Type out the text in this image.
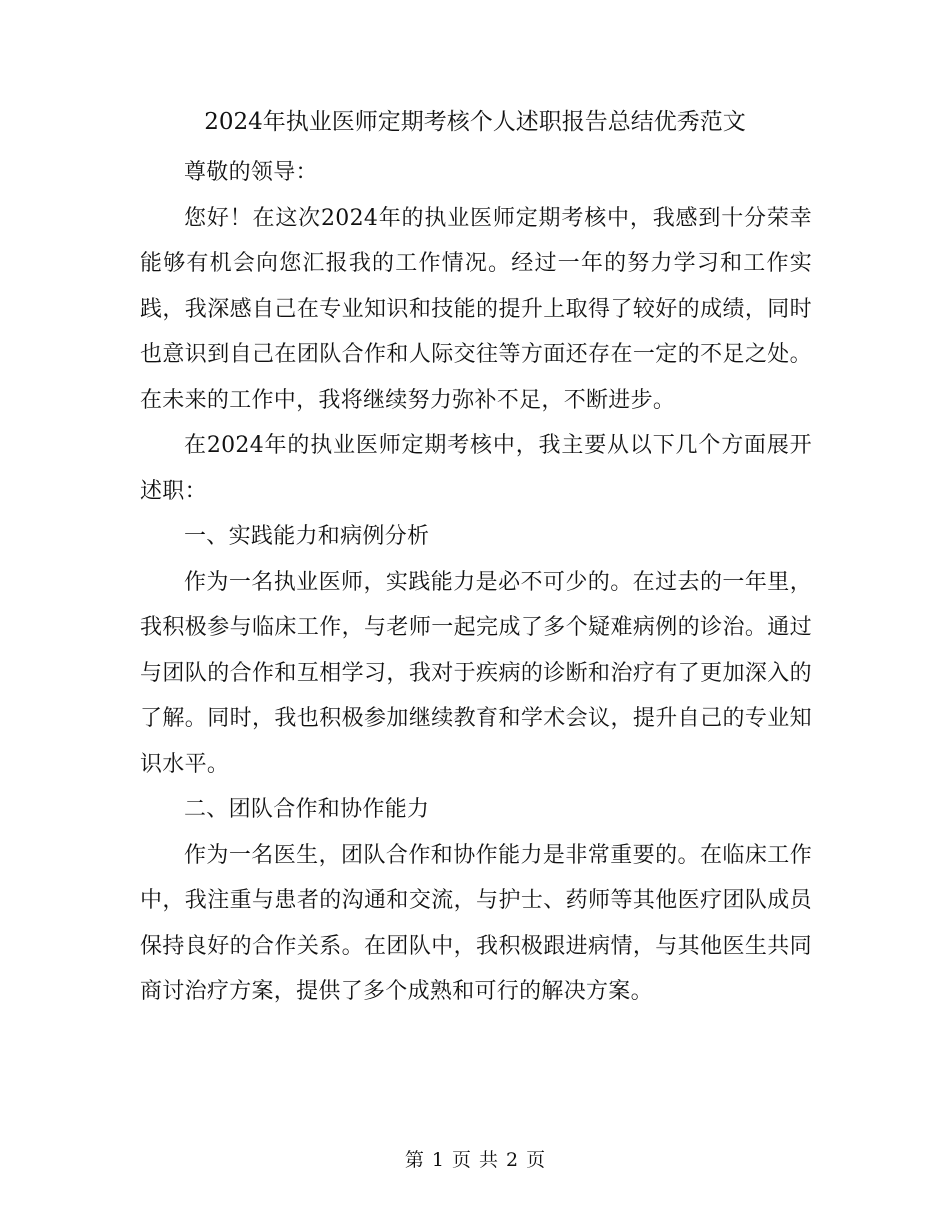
2024年执业医师定期考核个人述职报告总结优秀范文

尊敬的领导：

您好！在这次2024年的执业医师定期考核中，我感到十分荣幸能够有机会向您汇报我的工作情况。经过一年的努力学习和工作实践，我深感自己在专业知识和技能的提升上取得了较好的成绩，同时也意识到自己在团队合作和人际交往等方面还存在一定的不足之处。在未来的工作中，我将继续努力弥补不足，不断进步。

在2024年的执业医师定期考核中，我主要从以下几个方面展开述职：

一、实践能力和病例分析

作为一名执业医师，实践能力是必不可少的。在过去的一年里，我积极参与临床工作，与老师一起完成了多个疑难病例的诊治。通过与团队的合作和互相学习，我对于疾病的诊断和治疗有了更加深入的了解。同时，我也积极参加继续教育和学术会议，提升自己的专业知识水平。

二、团队合作和协作能力

作为一名医生，团队合作和协作能力是非常重要的。在临床工作中，我注重与患者的沟通和交流，与护士、药师等其他医疗团队成员保持良好的合作关系。在团队中，我积极跟进病情，与其他医生共同商讨治疗方案，提供了多个成熟和可行的解决方案。

第 1 页 共 2 页
